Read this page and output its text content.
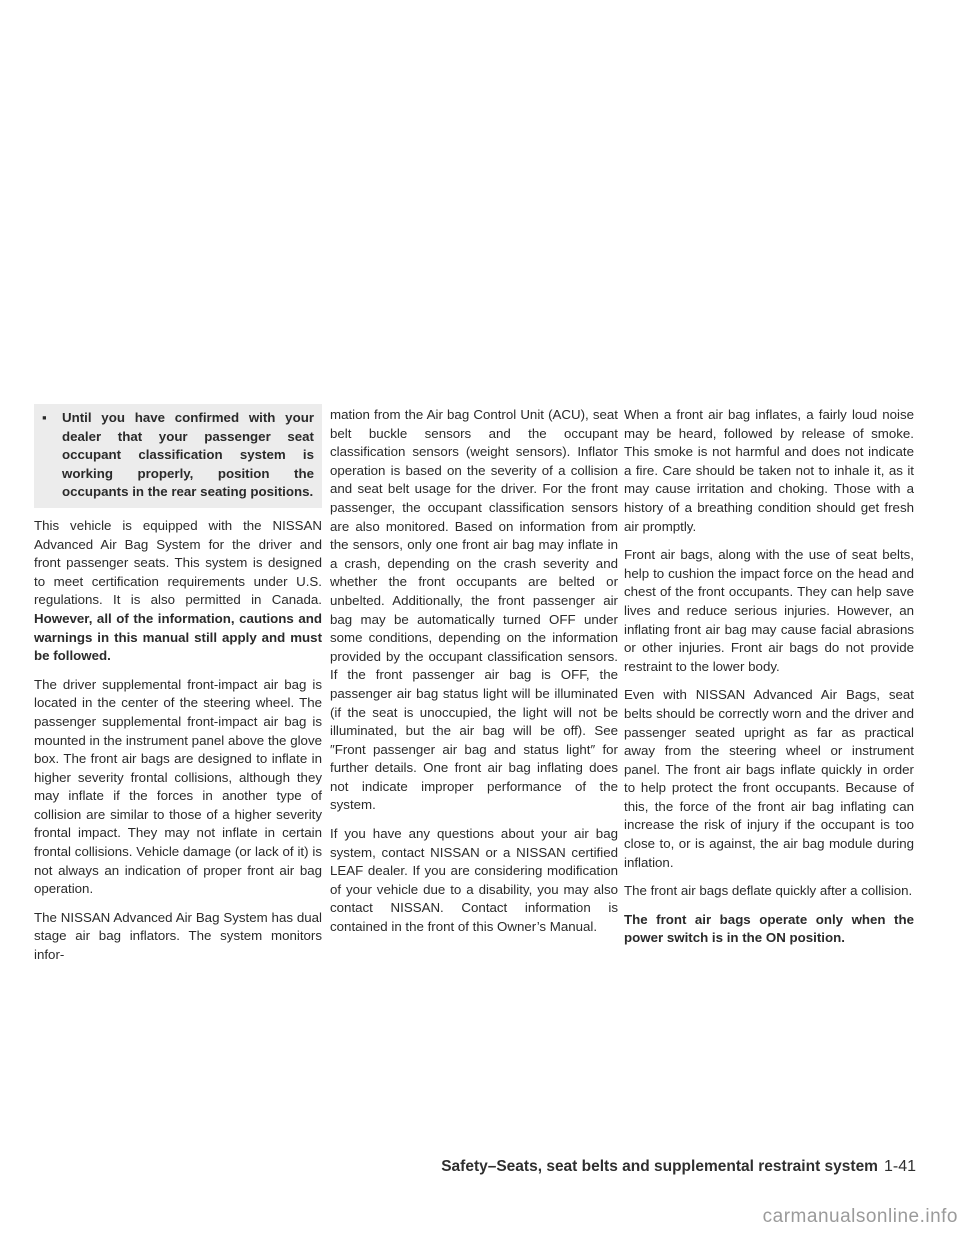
▪	Until you have confirmed with your dealer that your passenger seat occupant classification system is working properly, position the occupants in the rear seating positions.

This vehicle is equipped with the NISSAN Advanced Air Bag System for the driver and front passenger seats. This system is designed to meet certification requirements under U.S. regulations. It is also permitted in Canada. However, all of the information, cautions and warnings in this manual still apply and must be followed.

The driver supplemental front-impact air bag is located in the center of the steering wheel. The passenger supplemental front-impact air bag is mounted in the instrument panel above the glove box. The front air bags are designed to inflate in higher severity frontal collisions, although they may inflate if the forces in another type of collision are similar to those of a higher severity frontal impact. They may not inflate in certain frontal collisions. Vehicle damage (or lack of it) is not always an indication of proper front air bag operation.

The NISSAN Advanced Air Bag System has dual stage air bag inflators. The system monitors infor-

mation from the Air bag Control Unit (ACU), seat belt buckle sensors and the occupant classification sensors (weight sensors). Inflator operation is based on the severity of a collision and seat belt usage for the driver. For the front passenger, the occupant classification sensors are also monitored. Based on information from the sensors, only one front air bag may inflate in a crash, depending on the crash severity and whether the front occupants are belted or unbelted. Additionally, the front passenger air bag may be automatically turned OFF under some conditions, depending on the information provided by the occupant classification sensors. If the front passenger air bag is OFF, the passenger air bag status light will be illuminated (if the seat is unoccupied, the light will not be illuminated, but the air bag will be off). See ″Front passenger air bag and status light″ for further details. One front air bag inflating does not indicate improper performance of the system.

If you have any questions about your air bag system, contact NISSAN or a NISSAN certified LEAF dealer. If you are considering modification of your vehicle due to a disability, you may also contact NISSAN. Contact information is contained in the front of this Owner’s Manual.

When a front air bag inflates, a fairly loud noise may be heard, followed by release of smoke. This smoke is not harmful and does not indicate a fire. Care should be taken not to inhale it, as it may cause irritation and choking. Those with a history of a breathing condition should get fresh air promptly.

Front air bags, along with the use of seat belts, help to cushion the impact force on the head and chest of the front occupants. They can help save lives and reduce serious injuries. However, an inflating front air bag may cause facial abrasions or other injuries. Front air bags do not provide restraint to the lower body.

Even with NISSAN Advanced Air Bags, seat belts should be correctly worn and the driver and passenger seated upright as far as practical away from the steering wheel or instrument panel. The front air bags inflate quickly in order to help protect the front occupants. Because of this, the force of the front air bag inflating can increase the risk of injury if the occupant is too close to, or is against, the air bag module during inflation.

The front air bags deflate quickly after a collision.

The front air bags operate only when the power switch is in the ON position.

Safety–Seats, seat belts and supplemental restraint system 1-41
carmanualsonline.info
